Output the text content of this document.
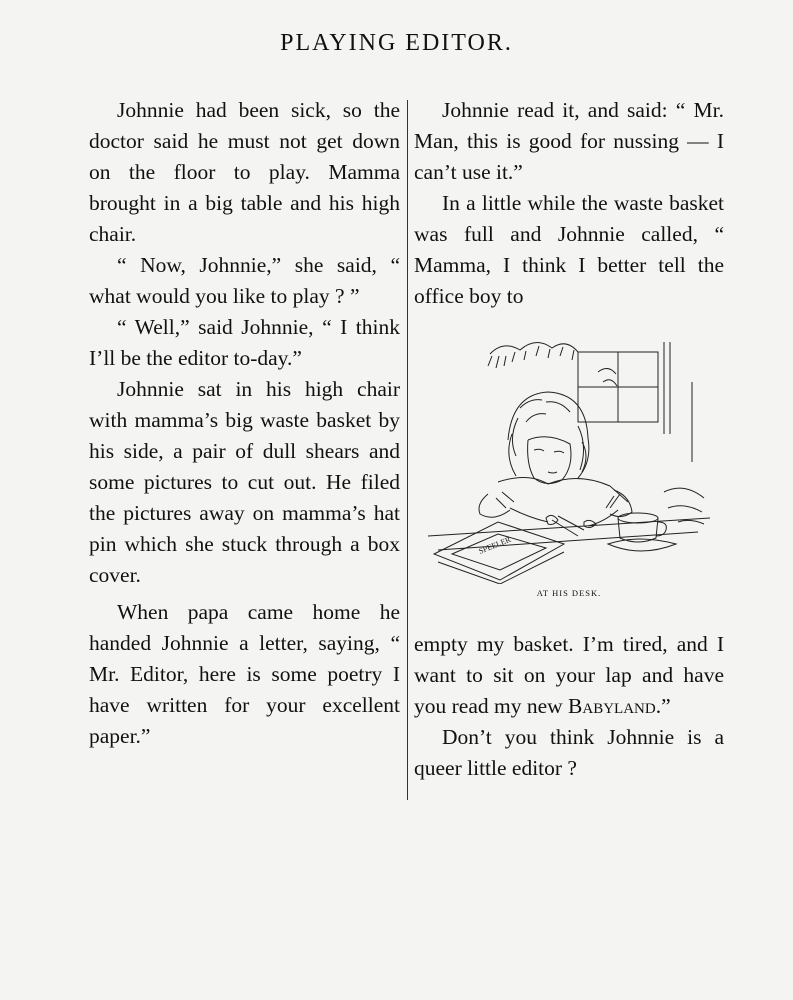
PLAYING EDITOR.

Johnnie had been sick, so the doctor said he must not get down on the floor to play. Mamma brought in a big table and his high chair.

“ Now, Johnnie,” she said, “ what would you like to play ? ”

“ Well,” said Johnnie, “ I think I’ll be the editor to-day.”

Johnnie sat in his high chair with mamma’s big waste basket by his side, a pair of dull shears and some pictures to cut out. He filed the pictures away on mamma’s hat pin which she stuck through a box cover.

When papa came home he handed Johnnie a letter, saying, “ Mr. Editor, here is some poetry I have written for your excellent paper.”

Johnnie read it, and said: “ Mr. Man, this is good for nussing — I can’t use it.”

In a little while the waste basket was full and Johnnie called, “ Mamma, I think I better tell the office boy to

SPEELER
AT HIS DESK.

empty my basket. I’m tired, and I want to sit on your lap and have you read my new Babyland.”

Don’t you think Johnnie is a queer little editor ?
